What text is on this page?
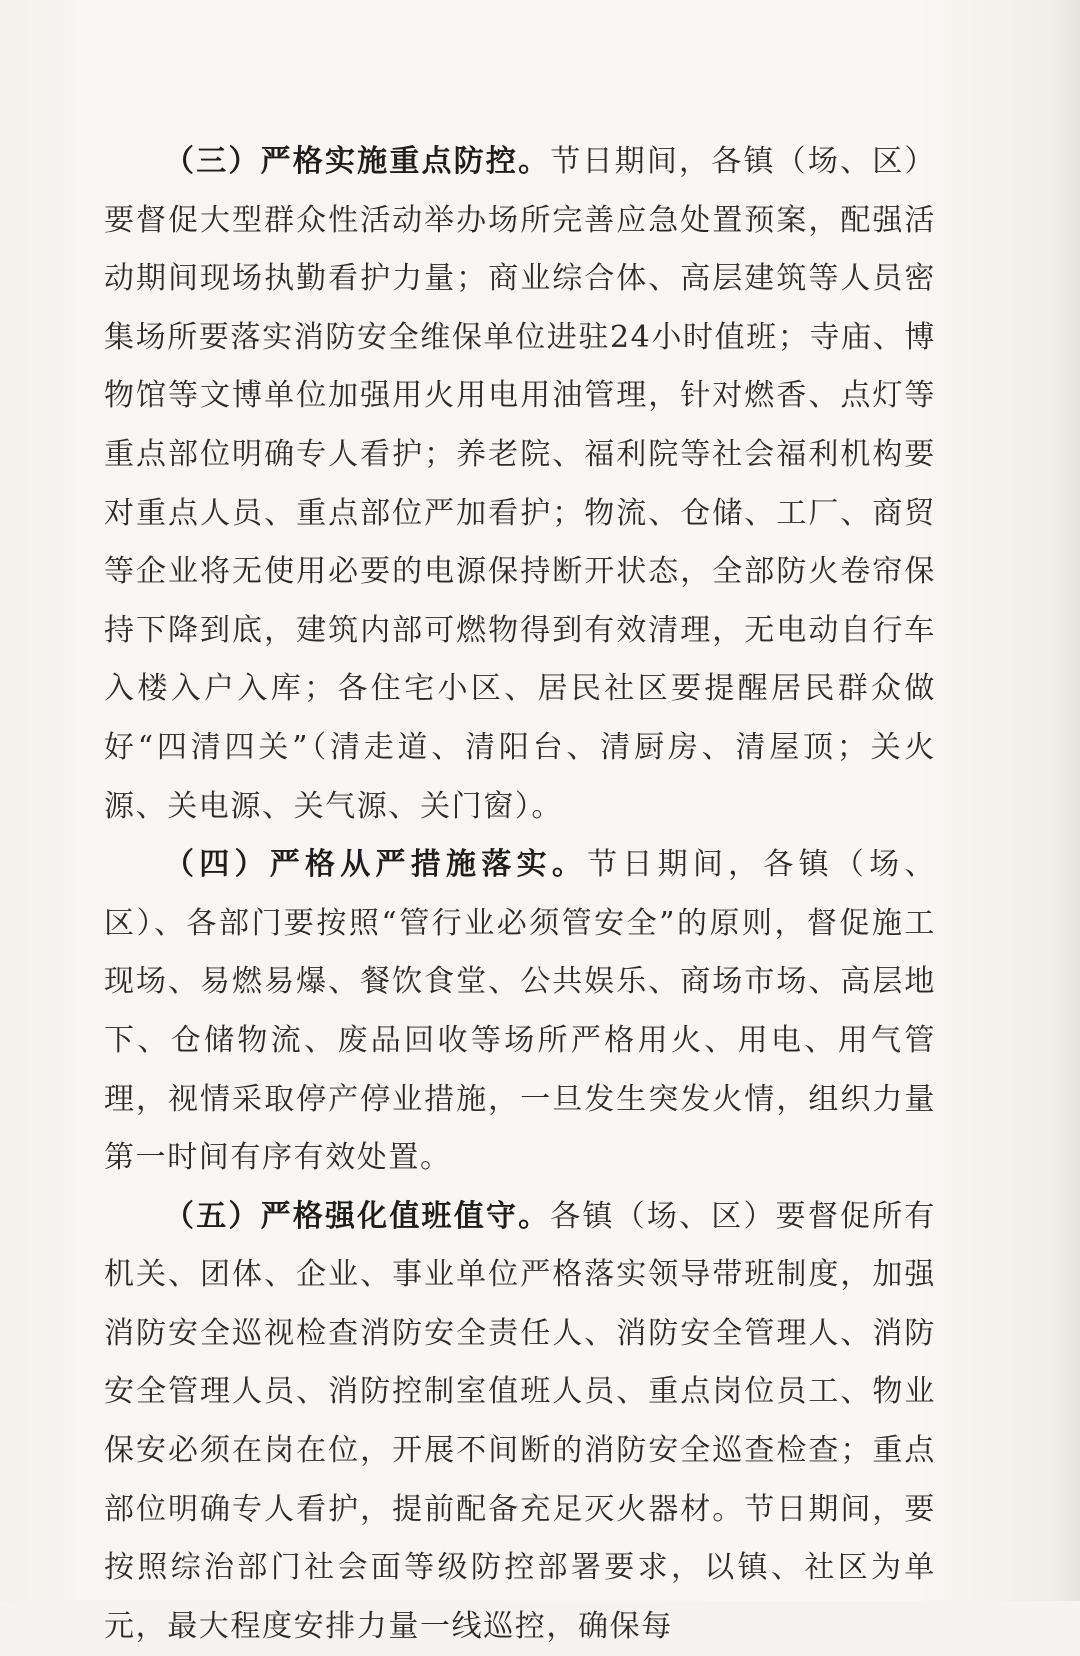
（三）严格实施重点防控。节日期间，各镇（场、区）要督促大型群众性活动举办场所完善应急处置预案，配强活动期间现场执勤看护力量；商业综合体、高层建筑等人员密集场所要落实消防安全维保单位进驻24小时值班；寺庙、博物馆等文博单位加强用火用电用油管理，针对燃香、点灯等重点部位明确专人看护；养老院、福利院等社会福利机构要对重点人员、重点部位严加看护；物流、仓储、工厂、商贸等企业将无使用必要的电源保持断开状态，全部防火卷帘保持下降到底，建筑内部可燃物得到有效清理，无电动自行车入楼入户入库；各住宅小区、居民社区要提醒居民群众做好“四清四关”（清走道、清阳台、清厨房、清屋顶；关火源、关电源、关气源、关门窗）。

（四）严格从严措施落实。节日期间，各镇（场、区）、各部门要按照“管行业必须管安全”的原则，督促施工现场、易燃易爆、餐饮食堂、公共娱乐、商场市场、高层地下、仓储物流、废品回收等场所严格用火、用电、用气管理，视情采取停产停业措施，一旦发生突发火情，组织力量第一时间有序有效处置。

（五）严格强化值班值守。各镇（场、区）要督促所有机关、团体、企业、事业单位严格落实领导带班制度，加强消防安全巡视检查消防安全责任人、消防安全管理人、消防安全管理人员、消防控制室值班人员、重点岗位员工、物业保安必须在岗在位，开展不间断的消防安全巡查检查；重点部位明确专人看护，提前配备充足灭火器材。节日期间，要按照综治部门社会面等级防控部署要求，以镇、社区为单元，最大程度安排力量一线巡控，确保每
